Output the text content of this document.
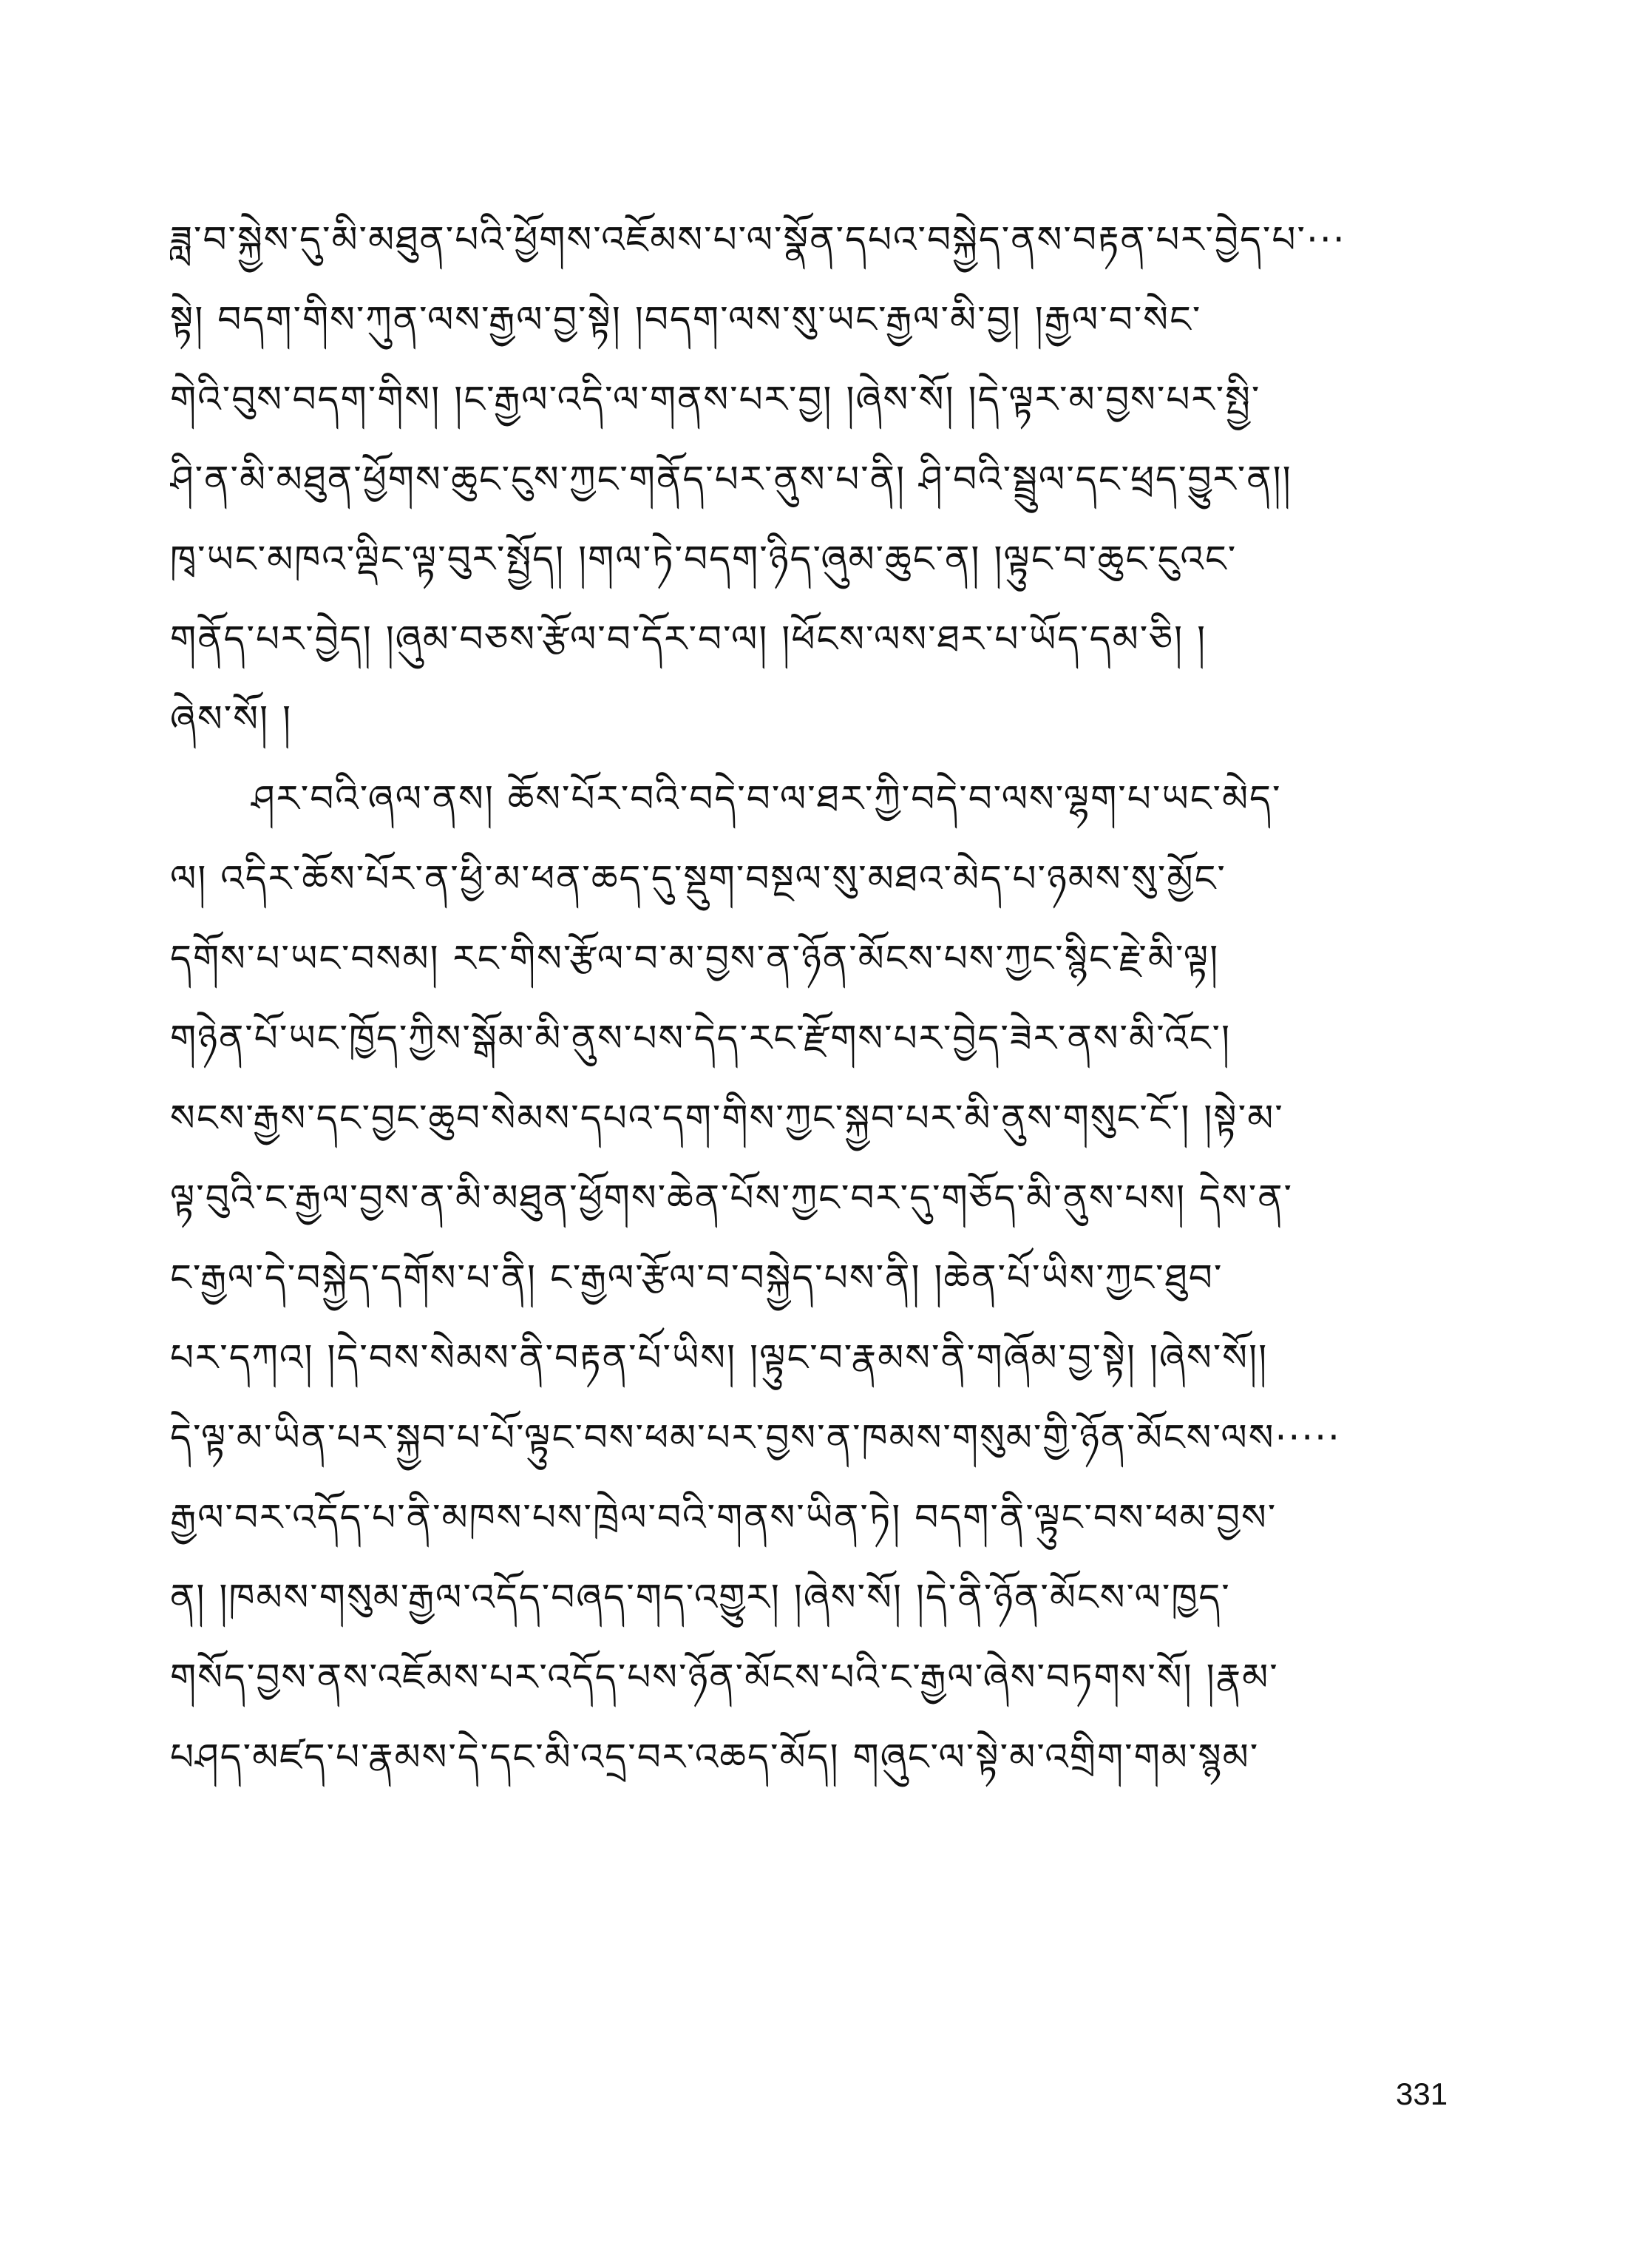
ཟླ་བ་སྐྱེས་དུ་མི་མཐུན་པའི་ཕྱོགས་འཇོམས་པ་ལ་སྣོན་དཔའ་བསྐྱེད་ནས་བརྟན་པར་བྱེད་པ་···
སྟེ། བདག་གིས་ཀུན་ལས་རྒྱལ་བྱ་སྟེ། །བདག་ལས་སུ་ཡང་རྒྱལ་མི་བྱ། །རྒྱལ་བ་སེང་
གེའི་བུས་བདག་གིས། །ང་རྒྱལ་འདི་ལ་གནས་པར་བྱ། །ཞེས་སོ། །དེ་ལྟར་མ་བྱས་པར་སྤྱི་
ཤི་ན་མི་མཐུན་ཕྱོགས་ཆུང་ངུས་ཀྱང་གནོད་པར་ནུས་པ་ནི། ཤི་བའི་སྦྲུལ་དང་ཕྲད་བྱུར་ན།།
ཁྭ་ཡང་མཁའ་ལྡིང་ལྟ་བུར་སྤྱོད། །གལ་ཏེ་བདག་ཉིད་ཞུམ་ཆུང་ན། །ལྟུང་བ་ཆུང་ངུའང་
གནོད་པར་བྱེད། །ཞུམ་བཅས་རྩོལ་བ་དོར་བ་ལ། །ཕོངས་ལས་ཐར་པ་ཡོད་དམ་ཅི། །
ཞེས་སོ། །
ཤར་བའི་ཞལ་ནས། ཆོས་པོར་བའི་བདེ་བ་ལ་ཐར་ཀྱི་བདེ་བ་ལས་ལྷག་པ་ཡང་མེད་
ལ། འདིར་ཆོས་པོར་ན་ཕྱི་མ་ཕན་ཆད་དུ་སྡུག་བསྔལ་སུ་མཐའ་མེད་པ་ཉམས་སུ་མྱོང་
དགོས་པ་ཡང་བསམ། རང་གིས་རྩོལ་བ་མ་བྱས་ན་ཉོན་མོངས་པས་ཀྱང་སྙིང་རྗེ་མི་ལྟ།
གཉེན་པོ་ཡང་ཁྱོད་ཀྱིས་སྒོམ་མི་ནུས་པས་དེད་རང་རྫོགས་པར་བྱེད་ཟེར་ནས་མི་འོང་།
སངས་རྒྱས་དང་བྱང་ཆུབ་སེམས་དཔའ་དག་གིས་ཀྱང་སྐྱབ་པར་མི་ནུས་གསུང་ངོ་། །སྟེ་མ་
ལྟ་བུའི་ང་རྒྱལ་བྱས་ན་མི་མཐུན་ཕྱོགས་ཆེན་པོས་ཀྱང་བར་དུ་གཅོད་མི་ནུས་པས། དེས་ན་
ང་རྒྱལ་དེ་བསྐྱེད་དགོས་པ་ནི། ང་རྒྱལ་རྩོལ་བ་བསྐྱེད་པས་ནི། །ཆེན་པོ་ཡིས་ཀྱང་ཐུབ་
པར་དཀའ། །དེ་བས་སེམས་ནི་བརྟན་པོ་ཡིས། །ལྟུང་བ་རྣམས་ནི་གཞོམ་བྱ་སྟེ། །ཞེས་སོ།།
དེ་ལྟ་མ་ཡིན་པར་སྐྱབ་པ་པོ་ལྟུང་བས་ཕམ་པར་བྱས་ན་ཁམས་གསུམ་གྱི་ཉོན་མོངས་ལས·····
རྒྱལ་བར་འདོད་པ་ནི་མཁས་པས་ཁྲེལ་བའི་གནས་ཡིན་ཏེ། བདག་ནི་ལྟུང་བས་ཕམ་བྱས་
ན། །ཁམས་གསུམ་རྒྱལ་འདོད་བཞད་གད་འགྱུར། །ཞེས་སོ། །དེ་ནི་ཉོན་མོངས་ལ་ཁྱད་
གསོད་བྱས་ནས་འཇོམས་པར་འདོད་པས་ཉོན་མོངས་པའི་ང་རྒྱལ་ཞེས་བཏགས་སོ། །རྣམ་
པཤད་མཛད་པ་རྣམས་དེ་དང་མི་འདྲ་བར་འཆད་མོད། གཞུང་ལ་སྟེ་མ་འགྲིག་གམ་སྙམ་
331
